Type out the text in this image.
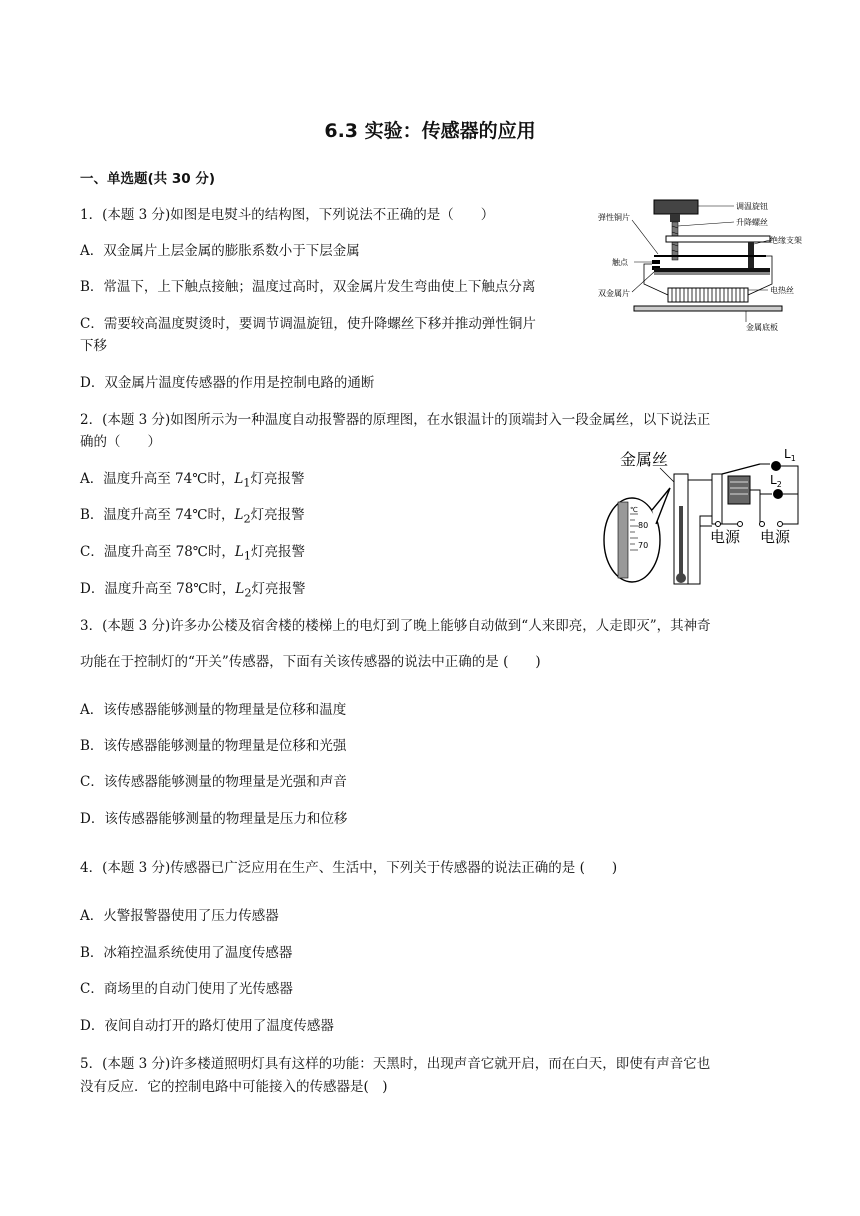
6.3 实验：传感器的应用
一、单选题(共 30 分)
1．(本题 3 分)如图是电熨斗的结构图，下列说法不正确的是（　　）
A．双金属片上层金属的膨胀系数小于下层金属
B．常温下，上下触点接触；温度过高时，双金属片发生弯曲使上下触点分离
C．需要较高温度熨烫时，要调节调温旋钮，使升降螺丝下移并推动弹性铜片
下移
D．双金属片温度传感器的作用是控制电路的通断
调温旋钮
升降螺丝
弹性铜片
绝缘支架
触点
双金属片	电热丝
金属底板
2．(本题 3 分)如图所示为一种温度自动报警器的原理图，在水银温计的顶端封入一段金属丝，以下说法正
确的（　　）
A．温度升高至 74℃时，$L_1$灯亮报警
B．温度升高至 74℃时，$L_2$灯亮报警
C．温度升高至 78℃时，$L_1$灯亮报警
D．温度升高至 78℃时，$L_2$灯亮报警
金属丝
℃
80
70
$L_1$
$L_2$
电源 电源
3．(本题 3 分)许多办公楼及宿舍楼的楼梯上的电灯到了晚上能够自动做到“人来即亮，人走即灭”，其神奇
功能在于控制灯的“开关”传感器，下面有关该传感器的说法中正确的是 (　　)
A．该传感器能够测量的物理量是位移和温度
B．该传感器能够测量的物理量是位移和光强
C．该传感器能够测量的物理量是光强和声音
D．该传感器能够测量的物理量是压力和位移
4．(本题 3 分)传感器已广泛应用在生产、生活中，下列关于传感器的说法正确的是 (　　)
A．火警报警器使用了压力传感器
B．冰箱控温系统使用了温度传感器
C．商场里的自动门使用了光传感器
D．夜间自动打开的路灯使用了温度传感器
5．(本题 3 分)许多楼道照明灯具有这样的功能：天黑时，出现声音它就开启，而在白天，即使有声音它也
没有反应．它的控制电路中可能接入的传感器是(　)
